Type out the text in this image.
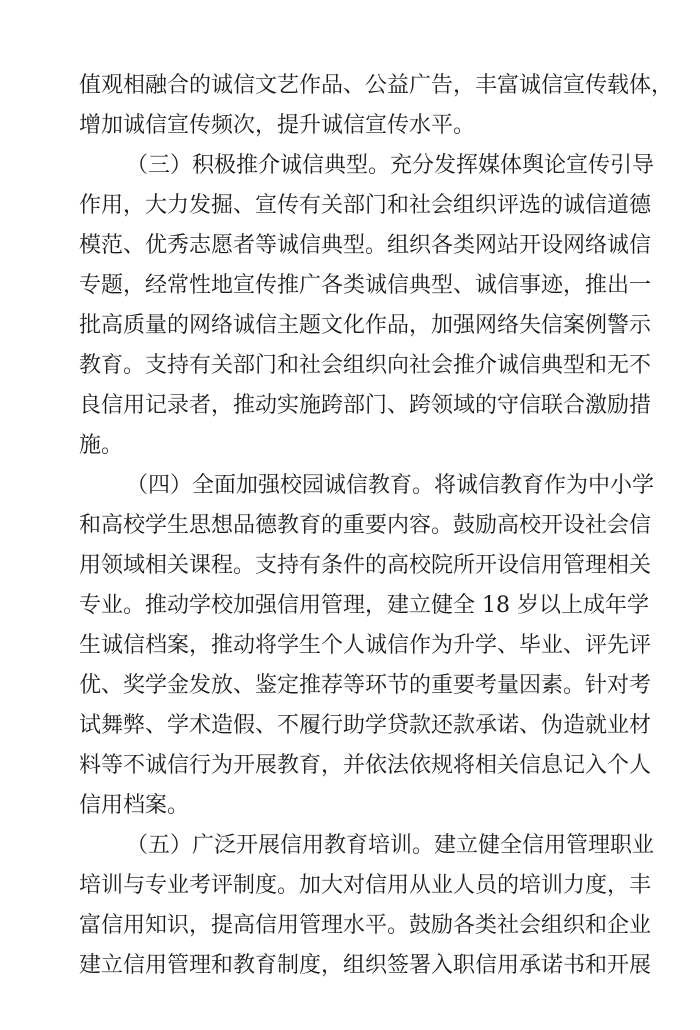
值观相融合的诚信文艺作品、公益广告，丰富诚信宣传载体，
增加诚信宣传频次，提升诚信宣传水平。
（三）积极推介诚信典型。充分发挥媒体舆论宣传引导
作用，大力发掘、宣传有关部门和社会组织评选的诚信道德
模范、优秀志愿者等诚信典型。组织各类网站开设网络诚信
专题，经常性地宣传推广各类诚信典型、诚信事迹，推出一
批高质量的网络诚信主题文化作品，加强网络失信案例警示
教育。支持有关部门和社会组织向社会推介诚信典型和无不
良信用记录者，推动实施跨部门、跨领域的守信联合激励措
施。
（四）全面加强校园诚信教育。将诚信教育作为中小学
和高校学生思想品德教育的重要内容。鼓励高校开设社会信
用领域相关课程。支持有条件的高校院所开设信用管理相关
专业。推动学校加强信用管理，建立健全 18 岁以上成年学
生诚信档案，推动将学生个人诚信作为升学、毕业、评先评
优、奖学金发放、鉴定推荐等环节的重要考量因素。针对考
试舞弊、学术造假、不履行助学贷款还款承诺、伪造就业材
料等不诚信行为开展教育，并依法依规将相关信息记入个人
信用档案。
（五）广泛开展信用教育培训。建立健全信用管理职业
培训与专业考评制度。加大对信用从业人员的培训力度，丰
富信用知识，提高信用管理水平。鼓励各类社会组织和企业
建立信用管理和教育制度，组织签署入职信用承诺书和开展
